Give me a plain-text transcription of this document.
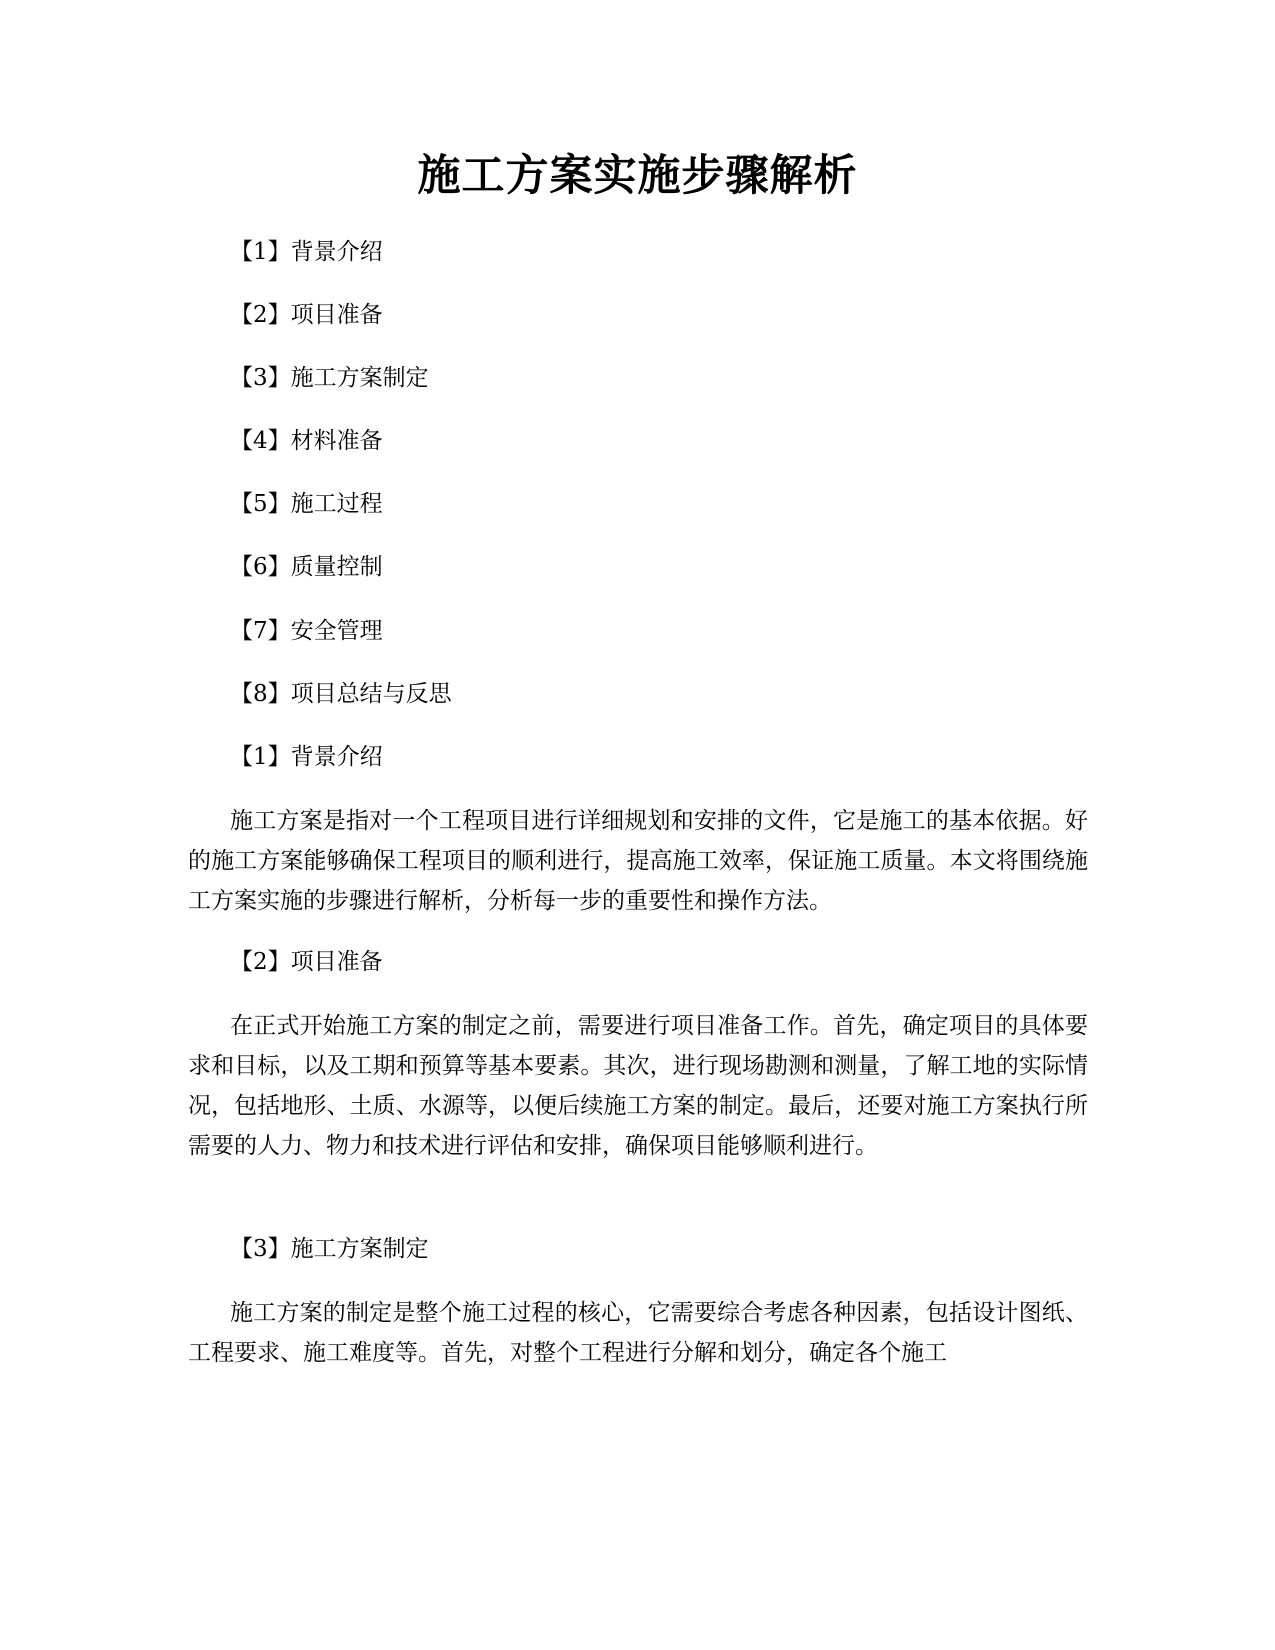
施工方案实施步骤解析
【1】背景介绍
【2】项目准备
【3】施工方案制定
【4】材料准备
【5】施工过程
【6】质量控制
【7】安全管理
【8】项目总结与反思
【1】背景介绍
施工方案是指对一个工程项目进行详细规划和安排的文件，它是施工的基本依据。好的施工方案能够确保工程项目的顺利进行，提高施工效率，保证施工质量。本文将围绕施工方案实施的步骤进行解析，分析每一步的重要性和操作方法。
【2】项目准备
在正式开始施工方案的制定之前，需要进行项目准备工作。首先，确定项目的具体要求和目标，以及工期和预算等基本要素。其次，进行现场勘测和测量，了解工地的实际情况，包括地形、土质、水源等，以便后续施工方案的制定。最后，还要对施工方案执行所需要的人力、物力和技术进行评估和安排，确保项目能够顺利进行。
【3】施工方案制定
施工方案的制定是整个施工过程的核心，它需要综合考虑各种因素，包括设计图纸、工程要求、施工难度等。首先，对整个工程进行分解和划分，确定各个施工
